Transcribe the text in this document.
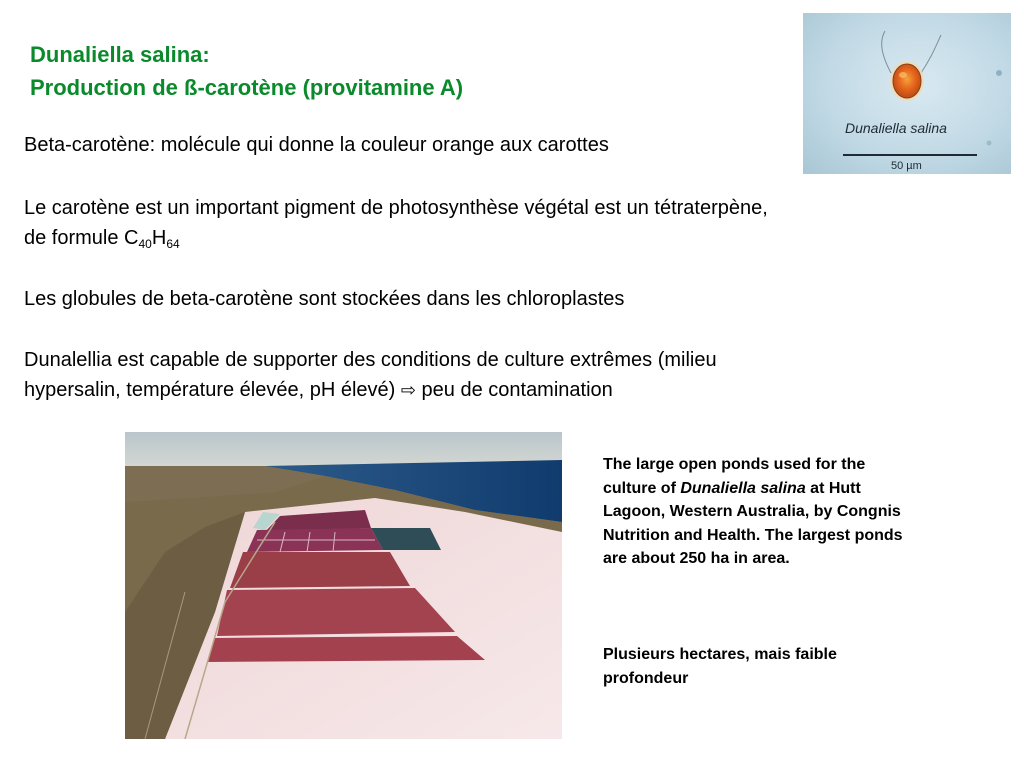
Dunaliella salina:
Production de ß-carotène (provitamine A)
Beta-carotène: molécule qui donne la couleur orange aux carottes
Le carotène est un important pigment de photosynthèse végétal est un tétraterpène,
de formule $C_{40}H_{64}$
Les globules de beta-carotène sont stockées dans les chloroplastes
Dunalellia est capable de supporter des conditions de culture extrêmes (milieu
hypersalin, température élevée, pH élevé) ⇨ peu de contamination
Dunaliella salina
50 µm
The large open ponds used for the culture of Dunaliella salina at Hutt Lagoon, Western Australia, by Congnis Nutrition and Health. The largest ponds are about 250 ha in area.
Plusieurs hectares, mais faible profondeur
